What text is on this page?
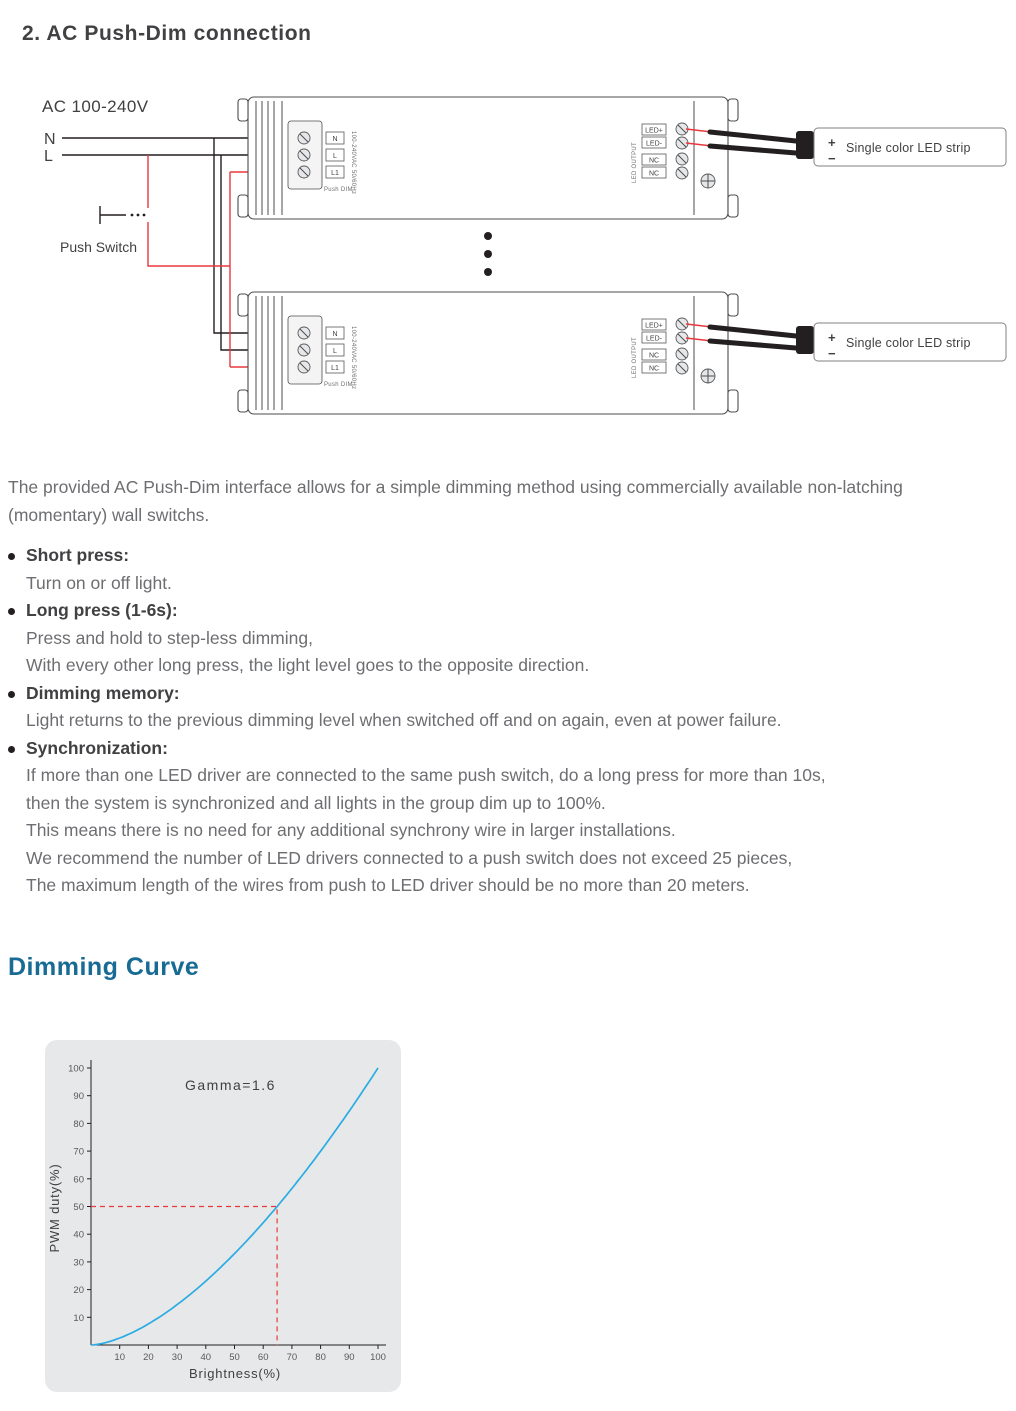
2. AC Push-Dim connection
AC 100-240V
N
L
Push Switch
N
L
L1 100-240VAC 50/60Hz
Push DIM
LED OUTPUT
LED+
LED-
NC
NC
+
−
Single color LED strip
N
L
L1 100-240VAC 50/60Hz
Push DIM
LED OUTPUT
LED+
LED-
NC
NC
+
−
Single color LED strip
The provided AC Push-Dim interface allows for a simple dimming method using commercially available non-latching
(momentary) wall switchs.
Short press:
Turn on or off light.
Long press (1-6s):
Press and hold to step-less dimming,
With every other long press, the light level goes to the opposite direction.
Dimming memory:
Light returns to the previous dimming level when switched off and on again, even at power failure.
Synchronization:
If more than one LED driver are connected to the same push switch, do a long press for more than 10s,
then the system is synchronized and all lights in the group dim up to 100%.
This means there is no need for any additional synchrony wire in larger installations.
We recommend the number of LED drivers connected to a push switch does not exceed 25 pieces,
The maximum length of the wires from push to LED driver should be no more than 20 meters.
Dimming Curve
Gamma=1.6
Brightness(%)
PWM duty(%)
10 20 30 40 50 60 70 80 90 100
10
20
30
40
50
60
70
80
90
100
